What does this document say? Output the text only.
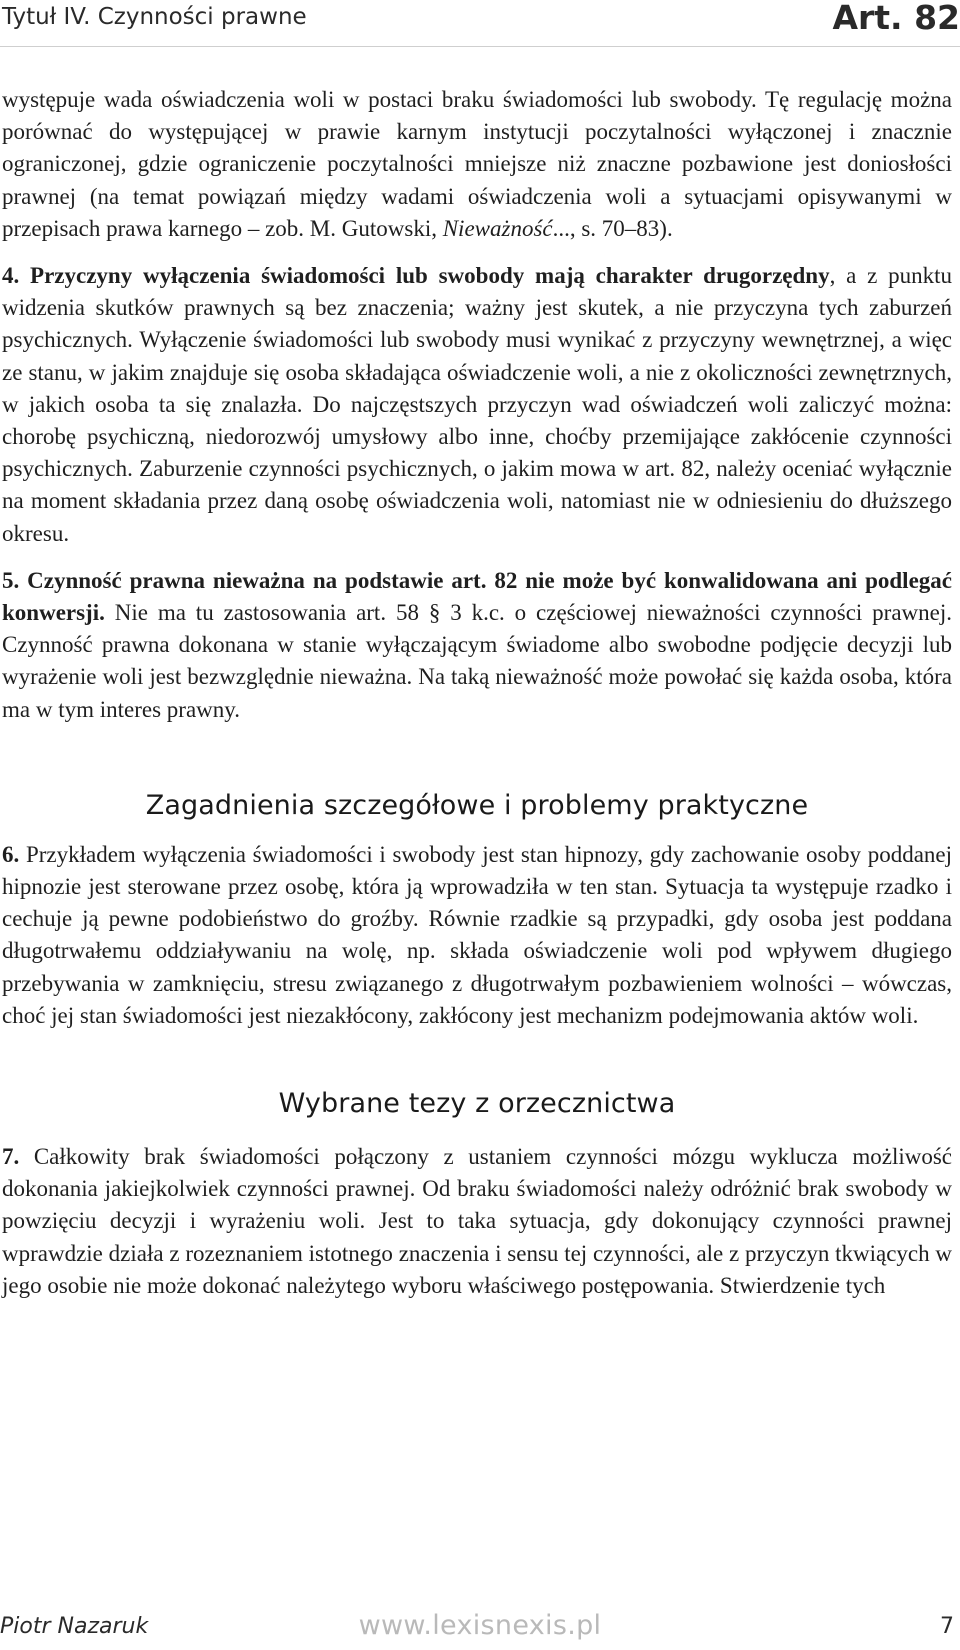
Tytuł IV. Czynności prawne	Art. 82

występuje wada oświadczenia woli w postaci braku świadomości lub swobody. Tę regulację można porównać do występującej w prawie karnym instytucji poczytalności wyłączonej i znacznie ograniczonej, gdzie ograniczenie poczytalności mniejsze niż znaczne pozbawione jest doniosłości prawnej (na temat powiązań między wadami oświadczenia woli a sytuacjami opisywanymi w przepisach prawa karnego – zob. M. Gutowski, Nieważność..., s. 70–83).

4. Przyczyny wyłączenia świadomości lub swobody mają charakter drugorzędny, a z punktu widzenia skutków prawnych są bez znaczenia; ważny jest skutek, a nie przyczyna tych zaburzeń psychicznych. Wyłączenie świadomości lub swobody musi wynikać z przyczyny wewnętrznej, a więc ze stanu, w jakim znajduje się osoba składająca oświadczenie woli, a nie z okoliczności zewnętrznych, w jakich osoba ta się znalazła. Do najczęstszych przyczyn wad oświadczeń woli zaliczyć można: chorobę psychiczną, niedorozwój umysłowy albo inne, choćby przemijające zakłócenie czynności psychicznych. Zaburzenie czynności psychicznych, o jakim mowa w art. 82, należy oceniać wyłącznie na moment składania przez daną osobę oświadczenia woli, natomiast nie w odniesieniu do dłuższego okresu.

5. Czynność prawna nieważna na podstawie art. 82 nie może być konwalidowana ani podlegać konwersji. Nie ma tu zastosowania art. 58 § 3 k.c. o częściowej nieważności czynności prawnej. Czynność prawna dokonana w stanie wyłączającym świadome albo swobodne podjęcie decyzji lub wyrażenie woli jest bezwzględnie nieważna. Na taką nieważność może powołać się każda osoba, która ma w tym interes prawny.

Zagadnienia szczegółowe i problemy praktyczne

6. Przykładem wyłączenia świadomości i swobody jest stan hipnozy, gdy zachowanie osoby poddanej hipnozie jest sterowane przez osobę, która ją wprowadziła w ten stan. Sytuacja ta występuje rzadko i cechuje ją pewne podobieństwo do groźby. Równie rzadkie są przypadki, gdy osoba jest poddana długotrwałemu oddziaływaniu na wolę, np. składa oświadczenie woli pod wpływem długiego przebywania w zamknięciu, stresu związanego z długotrwałym pozbawieniem wolności – wówczas, choć jej stan świadomości jest niezakłócony, zakłócony jest mechanizm podejmowania aktów woli.

Wybrane tezy z orzecznictwa

7. Całkowity brak świadomości połączony z ustaniem czynności mózgu wyklucza możliwość dokonania jakiejkolwiek czynności prawnej. Od braku świadomości należy odróżnić brak swobody w powzięciu decyzji i wyrażeniu woli. Jest to taka sytuacja, gdy dokonujący czynności prawnej wprawdzie działa z rozeznaniem istotnego znaczenia i sensu tej czynności, ale z przyczyn tkwiących w jego osobie nie może dokonać należytego wyboru właściwego postępowania. Stwierdzenie tych

Piotr Nazaruk	www.lexisnexis.pl	7
